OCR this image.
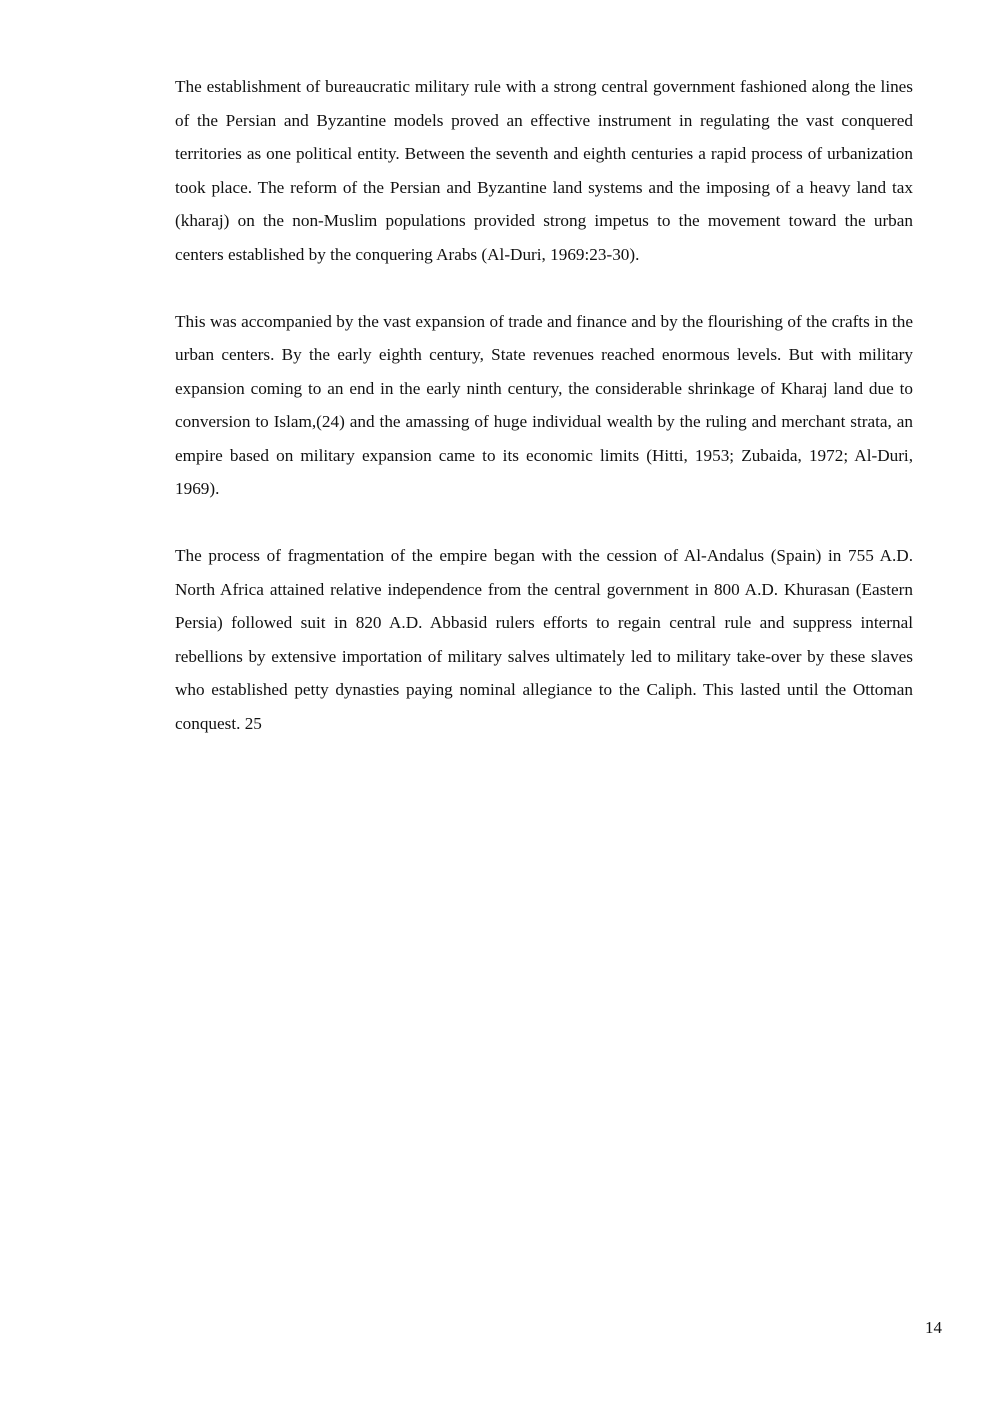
The establishment of bureaucratic military rule with a strong central government fashioned along the lines of the Persian and Byzantine models proved an effective instrument in regulating the vast conquered territories as one political entity. Between the seventh and eighth centuries a rapid process of urbanization took place. The reform of the Persian and Byzantine land systems and the imposing of a heavy land tax (kharaj) on the non-Muslim populations provided strong impetus to the movement toward the urban centers established by the conquering Arabs (Al-Duri, 1969:23-30).

This was accompanied by the vast expansion of trade and finance and by the flourishing of the crafts in the urban centers. By the early eighth century, State revenues reached enormous levels. But with military expansion coming to an end in the early ninth century, the considerable shrinkage of Kharaj land due to conversion to Islam,(24) and the amassing of huge individual wealth by the ruling and merchant strata, an empire based on military expansion came to its economic limits (Hitti, 1953; Zubaida, 1972; Al-Duri, 1969).

The process of fragmentation of the empire began with the cession of Al-Andalus (Spain) in 755 A.D. North Africa attained relative independence from the central government in 800 A.D. Khurasan (Eastern Persia) followed suit in 820 A.D. Abbasid rulers efforts to regain central rule and suppress internal rebellions by extensive importation of military salves ultimately led to military take-over by these slaves who established petty dynasties paying nominal allegiance to the Caliph. This lasted until the Ottoman conquest. 25

14
